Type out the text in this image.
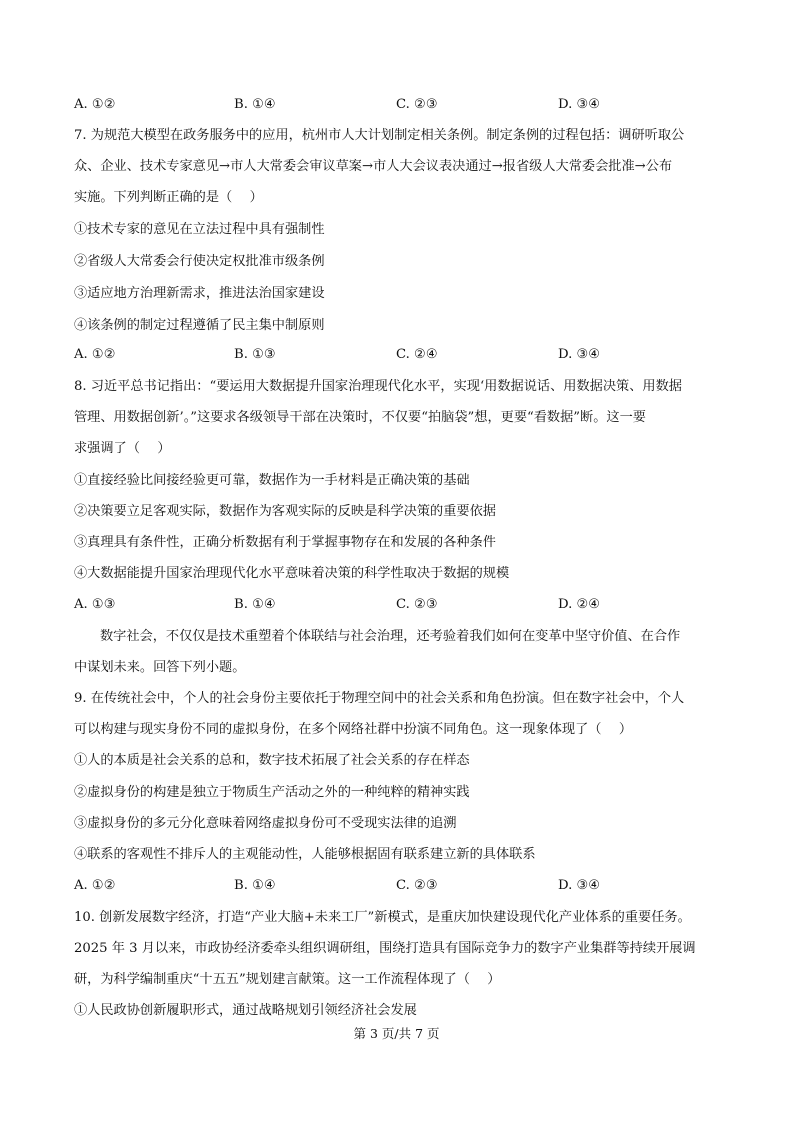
A. ①②	B. ①④	C. ②③	D. ③④
7. 为规范大模型在政务服务中的应用，杭州市人大计划制定相关条例。制定条例的过程包括：调研听取公
众、企业、技术专家意见→市人大常委会审议草案→市人大会议表决通过→报省级人大常委会批准→公布
实施。下列判断正确的是（　 ）
①技术专家的意见在立法过程中具有强制性
②省级人大常委会行使决定权批准市级条例
③适应地方治理新需求，推进法治国家建设
④该条例的制定过程遵循了民主集中制原则
A. ①②	B. ①③	C. ②④	D. ③④
8. 习近平总书记指出：“要运用大数据提升国家治理现代化水平，实现‘用数据说话、用数据决策、用数据
管理、用数据创新’。”这要求各级领导干部在决策时，不仅要“拍脑袋”想，更要“看数据”断。这一要
求强调了（　 ）
①直接经验比间接经验更可靠，数据作为一手材料是正确决策的基础
②决策要立足客观实际，数据作为客观实际的反映是科学决策的重要依据
③真理具有条件性，正确分析数据有利于掌握事物存在和发展的各种条件
④大数据能提升国家治理现代化水平意味着决策的科学性取决于数据的规模
A. ①③	B. ①④	C. ②③	D. ②④
数字社会，不仅仅是技术重塑着个体联结与社会治理，还考验着我们如何在变革中坚守价值、在合作
中谋划未来。回答下列小题。
9. 在传统社会中，个人的社会身份主要依托于物理空间中的社会关系和角色扮演。但在数字社会中，个人
可以构建与现实身份不同的虚拟身份，在多个网络社群中扮演不同角色。这一现象体现了（　 ）
①人的本质是社会关系的总和，数字技术拓展了社会关系的存在样态
②虚拟身份的构建是独立于物质生产活动之外的一种纯粹的精神实践
③虚拟身份的多元分化意味着网络虚拟身份可不受现实法律的追溯
④联系的客观性不排斥人的主观能动性，人能够根据固有联系建立新的具体联系
A. ①②	B. ①④	C. ②③	D. ③④
10. 创新发展数字经济，打造“产业大脑+未来工厂”新模式，是重庆加快建设现代化产业体系的重要任务。
2025 年 3 月以来，市政协经济委牵头组织调研组，围绕打造具有国际竞争力的数字产业集群等持续开展调
研，为科学编制重庆“十五五”规划建言献策。这一工作流程体现了（　 ）
①人民政协创新履职形式，通过战略规划引领经济社会发展
第 3 页/共 7 页
